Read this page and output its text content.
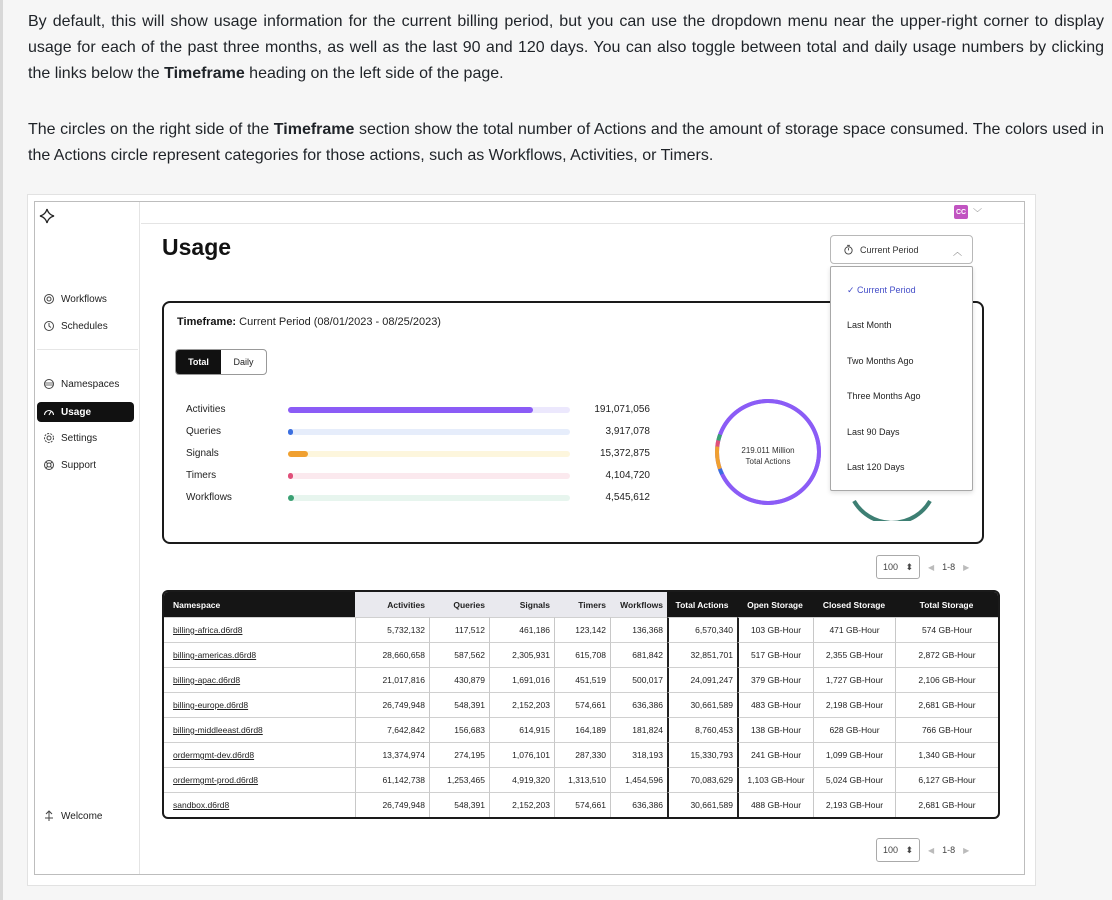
By default, this will show usage information for the current billing period, but you can use the dropdown menu near the upper-right corner to display usage for each of the past three months, as well as the last 90 and 120 days. You can also toggle between total and daily usage numbers by clicking the links below the Timeframe heading on the left side of the page.

The circles on the right side of the Timeframe section show the total number of Actions and the amount of storage space consumed. The colors used in the Actions circle represent categories for those actions, such as Workflows, Activities, or Timers.

Workflows
Schedules
Namespaces
Usage
Settings
Support
Welcome
CC ﹀
Usage	Current Period	︿
✓ Current Period
Last Month
Two Months Ago
Three Months Ago
Last 90 Days
Last 120 Days
Timeframe: Current Period (08/01/2023 - 08/25/2023)
Total	Daily
Activities	191,071,056
Queries	3,917,078
Signals	15,372,875
Timers	4,104,720
Workflows	4,545,612
219.011 Million
Total Actions
100 ⬍ ◀ 1-8 ▶
Namespace	Activities	Queries	Signals	Timers	Workflows	Total Actions	Open Storage	Closed Storage	Total Storage
billing-africa.d6rd8	5,732,132	117,512	461,186	123,142	136,368	6,570,340	103 GB-Hour	471 GB-Hour	574 GB-Hour
billing-americas.d6rd8	28,660,658	587,562	2,305,931	615,708	681,842	32,851,701	517 GB-Hour	2,355 GB-Hour	2,872 GB-Hour
billing-apac.d6rd8	21,017,816	430,879	1,691,016	451,519	500,017	24,091,247	379 GB-Hour	1,727 GB-Hour	2,106 GB-Hour
billing-europe.d6rd8	26,749,948	548,391	2,152,203	574,661	636,386	30,661,589	483 GB-Hour	2,198 GB-Hour	2,681 GB-Hour
billing-middleeast.d6rd8	7,642,842	156,683	614,915	164,189	181,824	8,760,453	138 GB-Hour	628 GB-Hour	766 GB-Hour
ordermgmt-dev.d6rd8	13,374,974	274,195	1,076,101	287,330	318,193	15,330,793	241 GB-Hour	1,099 GB-Hour	1,340 GB-Hour
ordermgmt-prod.d6rd8	61,142,738	1,253,465	4,919,320	1,313,510	1,454,596	70,083,629	1,103 GB-Hour	5,024 GB-Hour	6,127 GB-Hour
sandbox.d6rd8	26,749,948	548,391	2,152,203	574,661	636,386	30,661,589	488 GB-Hour	2,193 GB-Hour	2,681 GB-Hour
100 ⬍ ◀ 1-8 ▶
